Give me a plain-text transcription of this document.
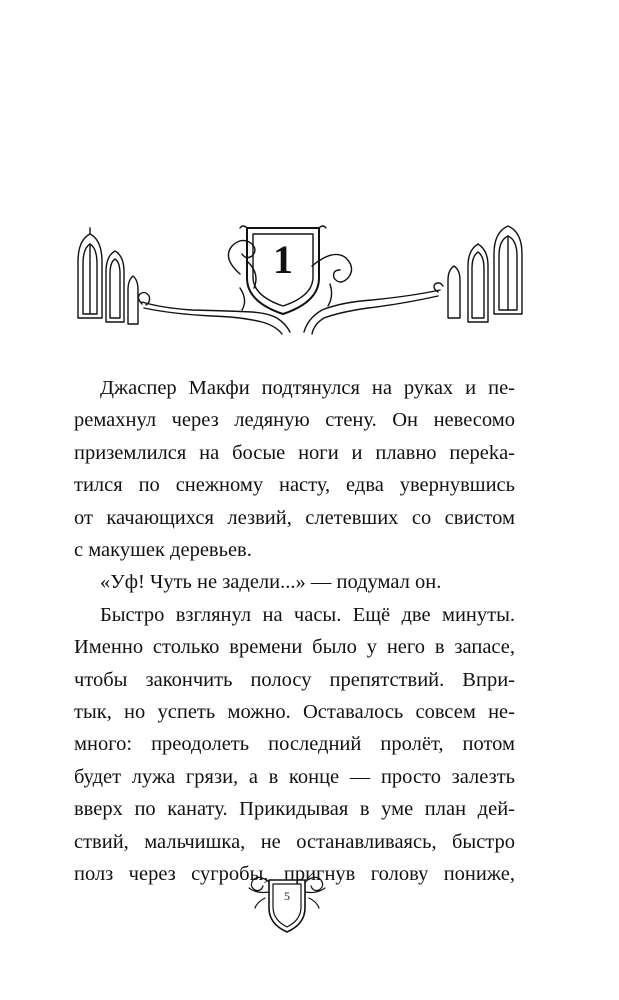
1

Джаспер Макфи подтянулся на руках и пе-
ремахнул через ледяную стену. Он невесомо
приземлился на босые ноги и плавно переka-
тился по снежному насту, едва увернувшись
от качающихся лезвий, слетевших со свистом
с макушек деревьев.

«Уф! Чуть не задели...» — подумал он.

Быстро взглянул на часы. Ещё две минуты.
Именно столько времени было у него в запасе,
чтобы закончить полосу препятствий. Впри-
тык, но успеть можно. Оставалось совсем не-
много: преодолеть последний пролёт, потом
будет лужа грязи, а в конце — просто залезть
вверх по канату. Прикидывая в уме план дей-
ствий, мальчишка, не останавливаясь, быстро
полз через сугробы, пригнув голову пониже,

5
